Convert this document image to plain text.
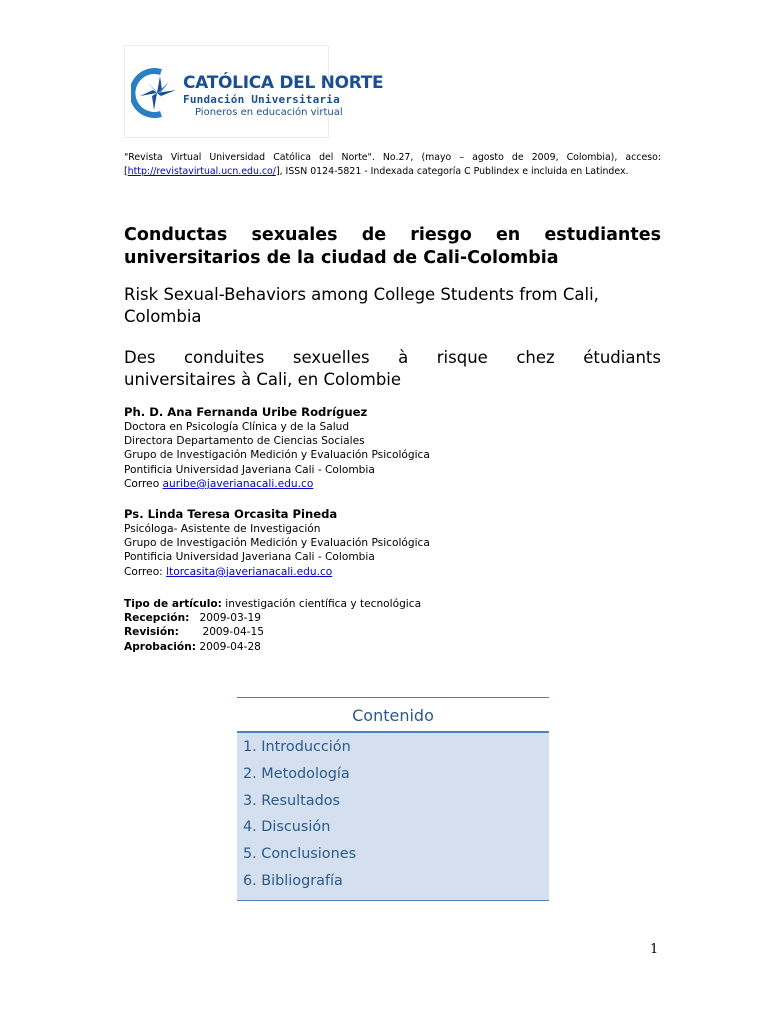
CATÓLICA DEL NORTE
Fundación Universitaria
Pioneros en educación virtual
"Revista Virtual Universidad Católica del Norte". No.27, (mayo – agosto de 2009, Colombia), acceso: [http://revistavirtual.ucn.edu.co/], ISSN 0124-5821 - Indexada categoría C Publindex e incluida en Latindex.
Conductas sexuales de riesgo en estudiantes
universitarios de la ciudad de Cali-Colombia
Risk Sexual-Behaviors among College Students from Cali, Colombia
Des conduites sexuelles à risque chez étudiants
universitaires à Cali, en Colombie
Ph. D. Ana Fernanda Uribe Rodríguez
Doctora en Psicología Clínica y de la Salud
Directora Departamento de Ciencias Sociales
Grupo de Investigación Medición y Evaluación Psicológica
Pontificia Universidad Javeriana Cali - Colombia
Correo auribe@javerianacali.edu.co
Ps. Linda Teresa Orcasita Pineda
Psicóloga- Asistente de Investigación
Grupo de Investigación Medición y Evaluación Psicológica
Pontificia Universidad Javeriana Cali - Colombia
Correo: ltorcasita@javerianacali.edu.co
Tipo de artículo: investigación científica y tecnológica
Recepción: 2009-03-19
Revisión: 2009-04-15
Aprobación: 2009-04-28
Contenido
1. Introducción
2. Metodología
3. Resultados
4. Discusión
5. Conclusiones
6. Bibliografía
1
